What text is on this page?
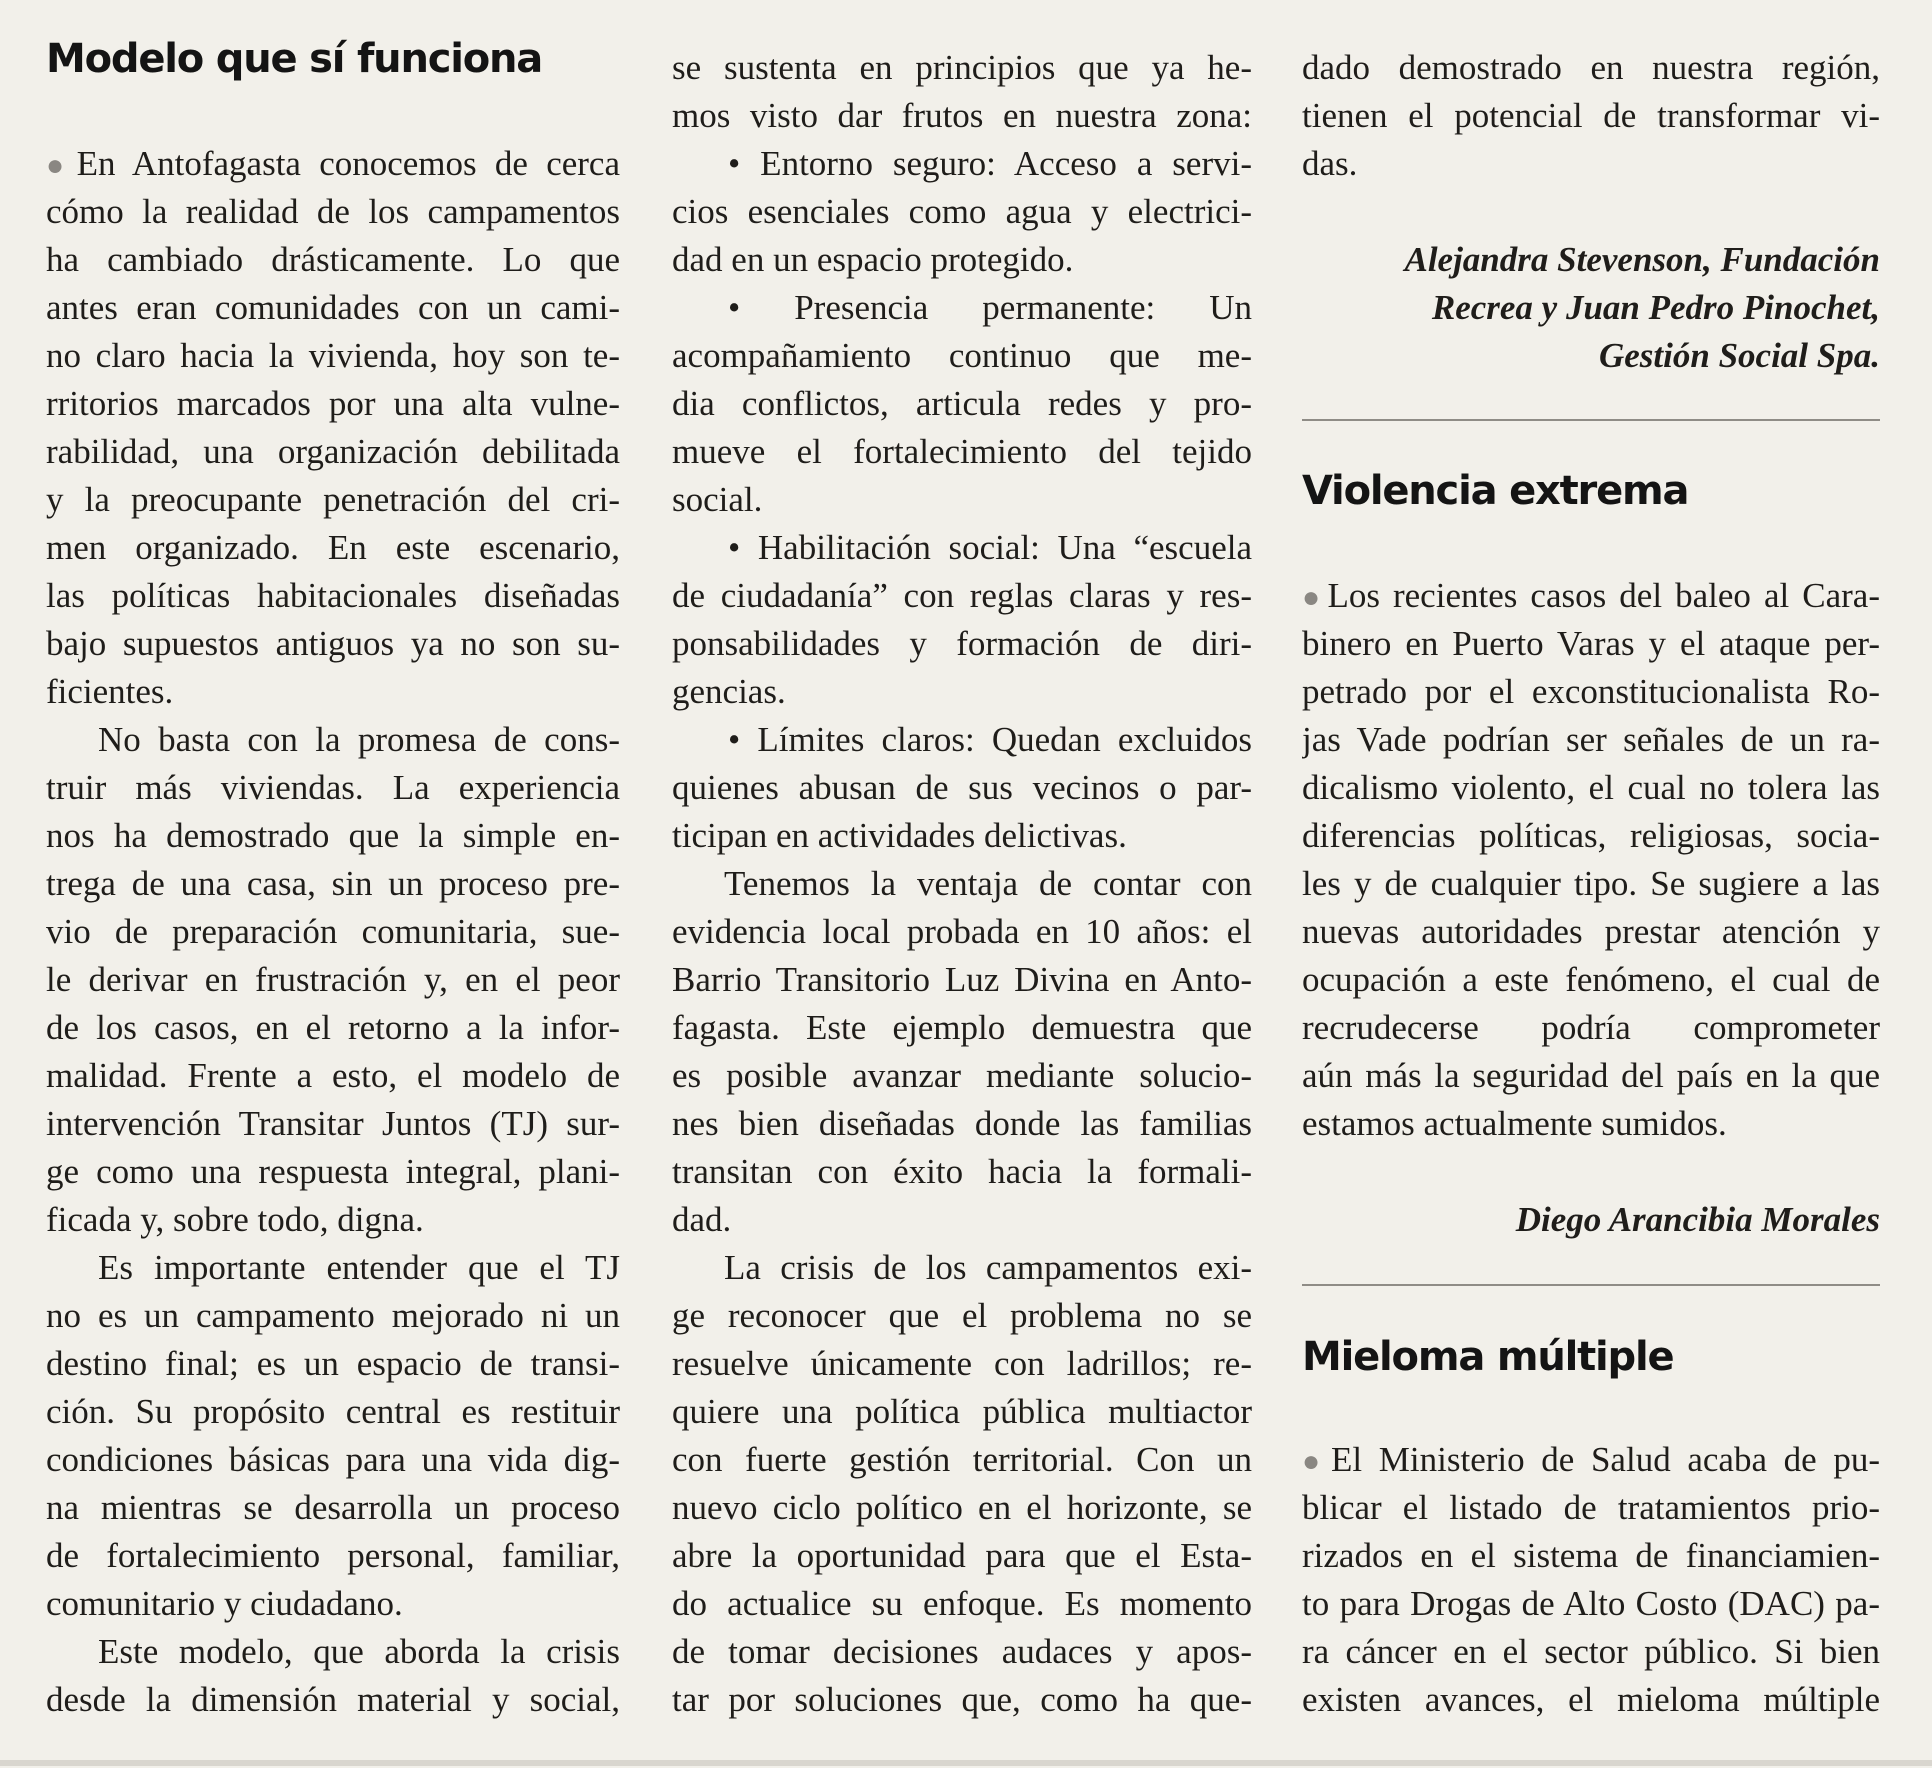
Modelo que sí funciona
●En Antofagasta conocemos de cerca
cómo la realidad de los campamentos
ha cambiado drásticamente. Lo que
antes eran comunidades con un cami-
no claro hacia la vivienda, hoy son te-
rritorios marcados por una alta vulne-
rabilidad, una organización debilitada
y la preocupante penetración del cri-
men organizado. En este escenario,
las políticas habitacionales diseñadas
bajo supuestos antiguos ya no son su-
ficientes.
No basta con la promesa de cons-
truir más viviendas. La experiencia
nos ha demostrado que la simple en-
trega de una casa, sin un proceso pre-
vio de preparación comunitaria, sue-
le derivar en frustración y, en el peor
de los casos, en el retorno a la infor-
malidad. Frente a esto, el modelo de
intervención Transitar Juntos (TJ) sur-
ge como una respuesta integral, plani-
ficada y, sobre todo, digna.
Es importante entender que el TJ
no es un campamento mejorado ni un
destino final; es un espacio de transi-
ción. Su propósito central es restituir
condiciones básicas para una vida dig-
na mientras se desarrolla un proceso
de fortalecimiento personal, familiar,
comunitario y ciudadano.
Este modelo, que aborda la crisis
desde la dimensión material y social,
se sustenta en principios que ya he-
mos visto dar frutos en nuestra zona:
• Entorno seguro: Acceso a servi-
cios esenciales como agua y electrici-
dad en un espacio protegido.
• Presencia permanente: Un
acompañamiento continuo que me-
dia conflictos, articula redes y pro-
mueve el fortalecimiento del tejido
social.
• Habilitación social: Una “escuela
de ciudadanía” con reglas claras y res-
ponsabilidades y formación de diri-
gencias.
• Límites claros: Quedan excluidos
quienes abusan de sus vecinos o par-
ticipan en actividades delictivas.
Tenemos la ventaja de contar con
evidencia local probada en 10 años: el
Barrio Transitorio Luz Divina en Anto-
fagasta. Este ejemplo demuestra que
es posible avanzar mediante solucio-
nes bien diseñadas donde las familias
transitan con éxito hacia la formali-
dad.
La crisis de los campamentos exi-
ge reconocer que el problema no se
resuelve únicamente con ladrillos; re-
quiere una política pública multiactor
con fuerte gestión territorial. Con un
nuevo ciclo político en el horizonte, se
abre la oportunidad para que el Esta-
do actualice su enfoque. Es momento
de tomar decisiones audaces y apos-
tar por soluciones que, como ha que-
dado demostrado en nuestra región,
tienen el potencial de transformar vi-
das.
Alejandra Stevenson, Fundación
Recrea y Juan Pedro Pinochet,
Gestión Social Spa.
Violencia extrema
●Los recientes casos del baleo al Cara-
binero en Puerto Varas y el ataque per-
petrado por el exconstitucionalista Ro-
jas Vade podrían ser señales de un ra-
dicalismo violento, el cual no tolera las
diferencias políticas, religiosas, socia-
les y de cualquier tipo. Se sugiere a las
nuevas autoridades prestar atención y
ocupación a este fenómeno, el cual de
recrudecerse podría comprometer
aún más la seguridad del país en la que
estamos actualmente sumidos.
Diego Arancibia Morales
Mieloma múltiple
●El Ministerio de Salud acaba de pu-
blicar el listado de tratamientos prio-
rizados en el sistema de financiamien-
to para Drogas de Alto Costo (DAC) pa-
ra cáncer en el sector público. Si bien
existen avances, el mieloma múltiple
